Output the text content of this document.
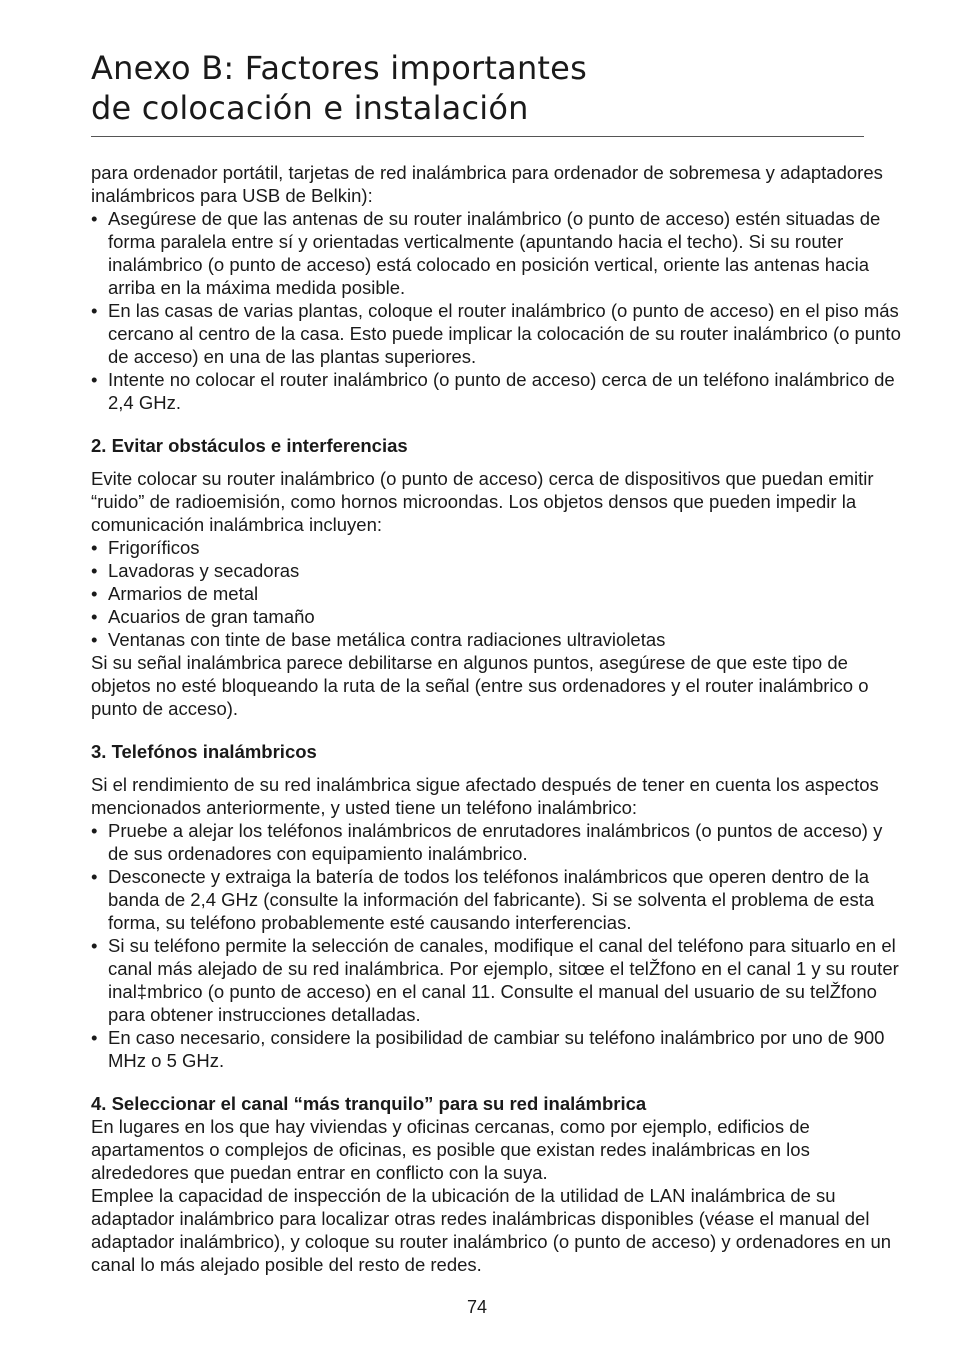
Anexo B: Factores importantes
de colocación e instalación

para ordenador portátil, tarjetas de red inalámbrica para ordenador de sobremesa y adaptadores inalámbricos para USB de Belkin):

• Asegúrese de que las antenas de su router inalámbrico (o punto de acceso) estén situadas de forma paralela entre sí y orientadas verticalmente (apuntando hacia el techo). Si su router inalámbrico (o punto de acceso) está colocado en posición vertical, oriente las antenas hacia arriba en la máxima medida posible.
• En las casas de varias plantas, coloque el router inalámbrico (o punto de acceso) en el piso más cercano al centro de la casa. Esto puede implicar la colocación de su router inalámbrico (o punto de acceso) en una de las plantas superiores.
• Intente no colocar el router inalámbrico (o punto de acceso) cerca de un teléfono inalámbrico de 2,4 GHz.
2. Evitar obstáculos e interferencias

Evite colocar su router inalámbrico (o punto de acceso) cerca de dispositivos que puedan emitir “ruido” de radioemisión, como hornos microondas. Los objetos densos que pueden impedir la comunicación inalámbrica incluyen:

• Frigoríficos
• Lavadoras y secadoras
• Armarios de metal
• Acuarios de gran tamaño
• Ventanas con tinte de base metálica contra radiaciones ultravioletas

Si su señal inalámbrica parece debilitarse en algunos puntos, asegúrese de que este tipo de objetos no esté bloqueando la ruta de la señal (entre sus ordenadores y el router inalámbrico o punto de acceso).

3. Telefónos inalámbricos

Si el rendimiento de su red inalámbrica sigue afectado después de tener en cuenta los aspectos mencionados anteriormente, y usted tiene un teléfono inalámbrico:

• Pruebe a alejar los teléfonos inalámbricos de enrutadores inalámbricos (o puntos de acceso) y de sus ordenadores con equipamiento inalámbrico.
• Desconecte y extraiga la batería de todos los teléfonos inalámbricos que operen dentro de la banda de 2,4 GHz (consulte la información del fabricante). Si se solventa el problema de esta forma, su teléfono probablemente esté causando interferencias.
• Si su teléfono permite la selección de canales, modifique el canal del teléfono para situarlo en el canal más alejado de su red inalámbrica. Por ejemplo, sitœe el telŽfono en el canal 1 y su router inal‡mbrico (o punto de acceso) en el canal 11. Consulte el manual del usuario de su telŽfono para obtener instrucciones detalladas.
• En caso necesario, considere la posibilidad de cambiar su teléfono inalámbrico por uno de 900 MHz o 5 GHz.
4. Seleccionar el canal “más tranquilo” para su red inalámbrica

En lugares en los que hay viviendas y oficinas cercanas, como por ejemplo, edificios de apartamentos o complejos de oficinas, es posible que existan redes inalámbricas en los alrededores que puedan entrar en conflicto con la suya.

Emplee la capacidad de inspección de la ubicación de la utilidad de LAN inalámbrica de su adaptador inalámbrico para localizar otras redes inalámbricas disponibles (véase el manual del adaptador inalámbrico), y coloque su router inalámbrico (o punto de acceso) y ordenadores en un canal lo más alejado posible del resto de redes.

74
